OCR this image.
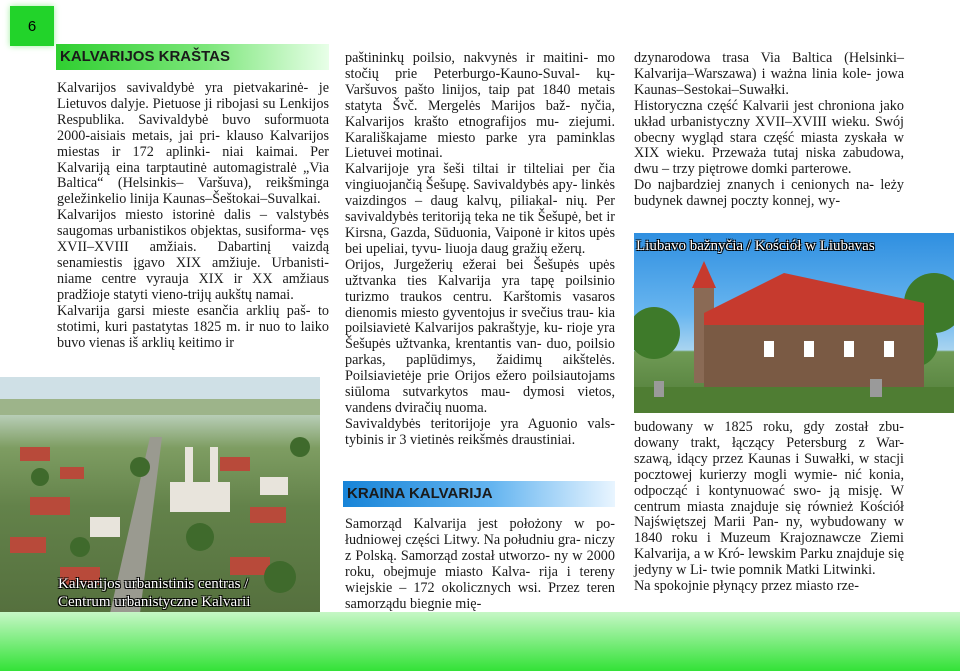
6
KALVARIJOS KRAŠTAS

Kalvarijos savivaldybė yra pietvakarinė- je Lietuvos dalyje. Pietuose ji ribojasi su Lenkijos Respublika. Savivaldybė buvo suformuota 2000-aisiais metais, jai pri- klauso Kalvarijos miestas ir 172 aplinki- niai kaimai. Per Kalvariją eina tarptautinė automagistralė „Via Baltica“ (Helsinkis– Varšuva), reikšminga geležinkelio linija Kaunas–Šeštokai–Suvalkai.

Kalvarijos miesto istorinė dalis – valstybės saugomas urbanistikos objektas, susiforma- vęs XVII–XVIII amžiais. Dabartinį vaizdą senamiestis įgavo XIX amžiuje. Urbanisti- niame centre vyrauja XIX ir XX amžiaus pradžioje statyti vieno-trijų aukštų namai.

Kalvarija garsi mieste esančia arklių paš- to stotimi, kuri pastatytas 1825 m. ir nuo to laiko buvo vienas iš arklių keitimo ir

Kalvarijos urbanistinis centras /
Centrum urbanistyczne Kalvarii

paštininkų poilsio, nakvynės ir maitini- mo stočių prie Peterburgo-Kauno-Suval- kų-Varšuvos pašto linijos, taip pat 1840 metais statyta Švč. Mergelės Marijos baž- nyčia, Kalvarijos krašto etnografijos mu- ziejumi. Karališkajame miesto parke yra paminklas Lietuvei motinai.

Kalvarijoje yra šeši tiltai ir tilteliai per čia vingiuojančią Šešupę. Savivaldybės apy- linkės vaizdingos – daug kalvų, piliakal- nių. Per savivaldybės teritoriją teka ne tik Šešupė, bet ir Kirsna, Gazda, Sūduonia, Vaiponė ir kitos upės bei upeliai, tyvu- liuoja daug gražių ežerų.

Orijos, Jurgežerių ežerai bei Šešupės upės užtvanka ties Kalvarija yra tapę poilsinio turizmo traukos centru. Karštomis vasaros dienomis miesto gyventojus ir svečius trau- kia poilsiavietė Kalvarijos pakraštyje, ku- rioje yra Šešupės užtvanka, krentantis van- duo, poilsio parkas, paplūdimys, žaidimų aikštelės. Poilsiavietėje prie Orijos ežero poilsiautojams siūloma sutvarkytos mau- dymosi vietos, vandens dviračių nuoma.

Savivaldybės teritorijoje yra Aguonio vals- tybinis ir 3 vietinės reikšmės draustiniai.

KRAINA KALVARIJA

Samorząd Kalvarija jest położony w po- łudniowej części Litwy. Na południu gra- niczy z Polską. Samorząd został utworzo- ny w 2000 roku, obejmuje miasto Kalva- rija i tereny wiejskie – 172 okolicznych wsi. Przez teren samorządu biegnie mię-

dzynarodowa trasa Via Baltica (Helsinki– Kalvarija–Warszawa) i ważna linia kole- jowa Kaunas–Sestokai–Suwałki.

Historyczna część Kalvarii jest chroniona jako układ urbanistyczny XVII–XVIII wieku. Swój obecny wygląd stara część miasta zyskała w XIX wieku. Przeważa tutaj niska zabudowa, dwu – trzy piętrowe domki parterowe.

Do najbardziej znanych i cenionych na- leży budynek dawnej poczty konnej, wy-

Liubavo bažnyčia / Kościół w Liubavas

budowany w 1825 roku, gdy został zbu- dowany trakt, łączący Petersburg z War- szawą, idący przez Kaunas i Suwałki, w stacji pocztowej kurierzy mogli wymie- nić konia, odpocząć i kontynuować swo- ją misję. W centrum miasta znajduje się również Kościół Najświętszej Marii Pan- ny, wybudowany w 1840 roku i Muzeum Krajoznawcze Ziemi Kalvarija, a w Kró- lewskim Parku znajduje się jedyny w Li- twie pomnik Matki Litwinki.

Na spokojnie płynący przez miasto rze-
